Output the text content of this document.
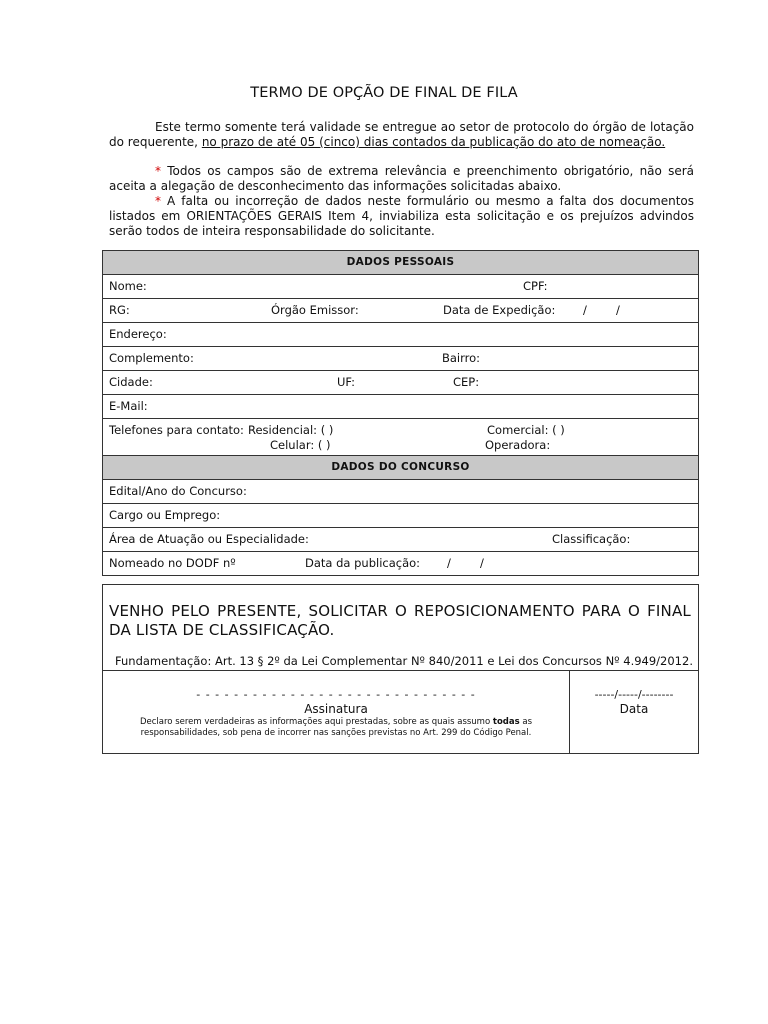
TERMO DE OPÇÃO DE FINAL DE FILA
Este termo somente terá validade se entregue ao setor de protocolo do órgão de lotação do requerente, no prazo de até 05 (cinco) dias contados da publicação do ato de nomeação.
* Todos os campos são de extrema relevância e preenchimento obrigatório, não será aceita a alegação de desconhecimento das informações solicitadas abaixo.
* A falta ou incorreção de dados neste formulário ou mesmo a falta dos documentos listados em ORIENTAÇÕES GERAIS Item 4, inviabiliza esta solicitação e os prejuízos advindos serão todos de inteira responsabilidade do solicitante.
DADOS PESSOAIS

Nome:	CPF:

RG:	Órgão Emissor:	Data de Expedição: /	/

Endereço:

Complemento:	Bairro:

Cidade:	UF:	CEP:

E-Mail:

Telefones para contato: Residencial: ( )	Comercial: ( )
Celular: ( )	Operadora:

DADOS DO CONCURSO

Edital/Ano do Concurso:

Cargo ou Emprego:

Área de Atuação ou Especialidade:	Classificação:

Nomeado no DODF nº	Data da publicação: /	/
VENHO PELO PRESENTE, SOLICITAR O REPOSICIONAMENTO PARA O FINAL DA LISTA DE CLASSIFICAÇÃO.
Fundamentação: Art. 13 § 2º da Lei Complementar Nº 840/2011 e Lei dos Concursos Nº 4.949/2012.
- - - - - - - - - - - - - - - - - - - - - - - - - - - - - -
Assinatura
Declaro serem verdadeiras as informações aqui prestadas, sobre as quais assumo todas as responsabilidades, sob pena de incorrer nas sanções previstas no Art. 299 do Código Penal.
-----/-----/--------
Data
